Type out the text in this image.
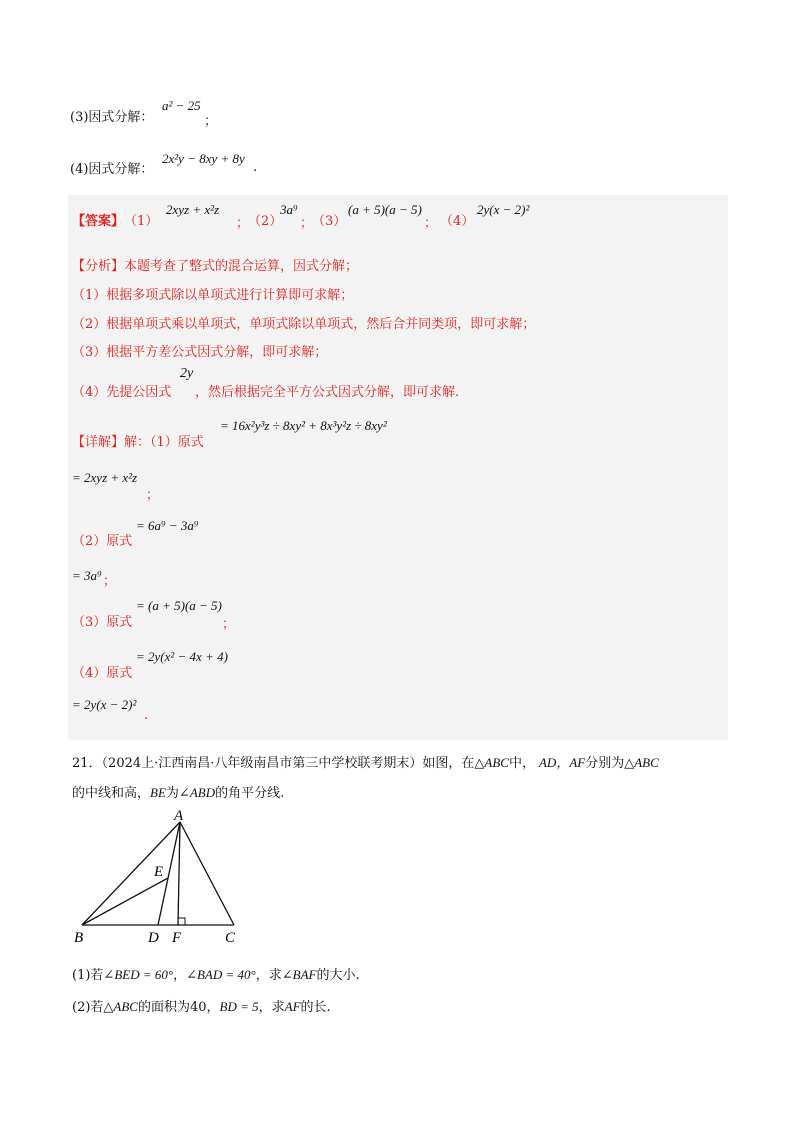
(3)因式分解：
a² − 25
；
(4)因式分解：
2x²y − 8xy + 8y
.
【答案】 （1）
2xyz + x²z
；
（2）
3a⁹
；
（3）
(a + 5)(a − 5)
； （4）
2y(x − 2)²
【分析】本题考查了整式的混合运算，因式分解；
（1）根据多项式除以单项式进行计算即可求解；
（2）根据单项式乘以单项式，单项式除以单项式，然后合并同类项，即可求解；
（3）根据平方差公式因式分解，即可求解；
（4）先提公因式
2y
，然后根据完全平方公式因式分解，即可求解.
【详解】解：（1）原式
= 16x²y³z ÷ 8xy² + 8x³y²z ÷ 8xy²
= 2xyz + x²z
；
（2）原式
= 6a⁹ − 3a⁹
= 3a⁹ ；
（3）原式
= (a + 5)(a − 5)
；
（4）原式
= 2y(x² − 4x + 4)
= 2y(x − 2)²
.
21．（2024上·江西南昌·八年级南昌市第三中学校联考期末）如图，在△ABC中， AD，AF分别为△ABC
的中线和高，BE为∠ABD的角平分线.
A
E
B	D F	C
(1)若∠BED = 60°，∠BAD = 40°，求∠BAF的大小.
(2)若△ABC的面积为40，BD = 5，求AF的长.
